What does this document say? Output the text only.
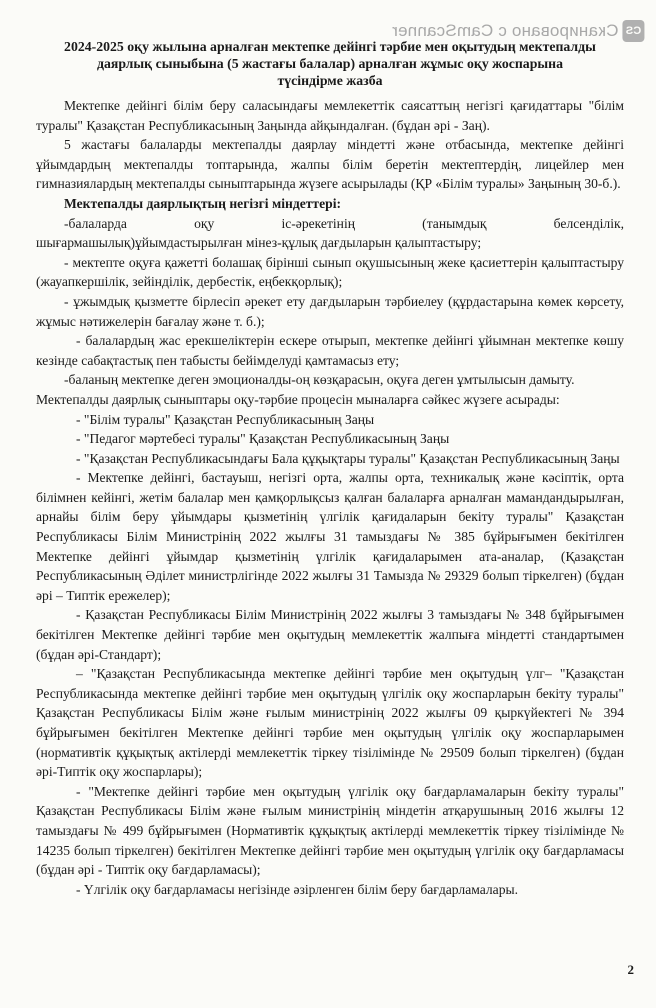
CS
Сканировано с CamScanner
2024-2025 оқу жылына арналған мектепке дейінгі тәрбие мен оқытудың мектепалды
даярлық сыныбына (5 жастағы балалар) арналған жұмыс оқу жоспарына
түсіндірме жазба

Мектепке дейінгі білім беру саласындағы мемлекеттік саясаттың негізгі қағидаттары "білім туралы" Қазақстан Республикасының Заңында айқындалған. (бұдан әрі - Заң).

5 жастағы балаларды мектепалды даярлау міндетті және отбасында, мектепке дейінгі ұйымдардың мектепалды топтарында, жалпы білім беретін мектептердің, лицейлер мен гимназиялардың мектепалды сыныптарында жүзеге асырылады (ҚР «Білім туралы» Заңының 30-б.).

Мектепалды даярлықтың негізгі міндеттері:

-балаларда оқу іс-әрекетінің (танымдық белсенділік,

шығармашылық)ұйымдастырылған мінез-құлық дағдыларын қалыптастыру;

- мектепте оқуға қажетті болашақ бірінші сынып оқушысының жеке қасиеттерін қалыптастыру (жауапкершілік, зейінділік, дербестік, еңбекқорлық);

- ұжымдық қызметте бірлесіп әрекет ету дағдыларын тәрбиелеу (құрдастарына көмек көрсету, жұмыс нәтижелерін бағалау және т. б.);

- балалардың жас ерекшеліктерін ескере отырып, мектепке дейінгі ұйымнан мектепке көшу кезінде сабақтастық пен табысты бейімделуді қамтамасыз ету;

-баланың мектепке деген эмоционалды-оң көзқарасын, оқуға деген ұмтылысын дамыту.

Мектепалды даярлық сыныптары оқу-тәрбие процесін мыналарға сәйкес жүзеге асырады:

- "Білім туралы" Қазақстан Республикасының Заңы

- "Педагог мәртебесі туралы" Қазақстан Республикасының Заңы

- "Қазақстан Республикасындағы Бала құқықтары туралы" Қазақстан Республикасының Заңы

- Мектепке дейінгі, бастауыш, негізгі орта, жалпы орта, техникалық және кәсіптік, орта білімнен кейінгі, жетім балалар мен қамқорлықсыз қалған балаларға арналған мамандандырылған, арнайы білім беру ұйымдары қызметінің үлгілік қағидаларын бекіту туралы" Қазақстан Республикасы Білім Министрінің 2022 жылғы 31 тамыздағы № 385 бұйрығымен бекітілген Мектепке дейінгі ұйымдар қызметінің үлгілік қағидаларымен ата-аналар, (Қазақстан Республикасының Әділет министрлігінде 2022 жылғы 31 Тамызда № 29329 болып тіркелген) (бұдан әрі – Типтік ережелер);

- Қазақстан Республикасы Білім Министрінің 2022 жылғы 3 тамыздағы № 348 бұйрығымен бекітілген Мектепке дейінгі тәрбие мен оқытудың мемлекеттік жалпыға міндетті стандартымен (бұдан әрі-Стандарт);

– "Қазақстан Республикасында мектепке дейінгі тәрбие мен оқытудың үлг– "Қазақстан Республикасында мектепке дейінгі тәрбие мен оқытудың үлгілік оқу жоспарларын бекіту туралы" Қазақстан Республикасы Білім және ғылым министрінің 2022 жылғы 09 қыркүйектегі № 394 бұйрығымен бекітілген Мектепке дейінгі тәрбие мен оқытудың үлгілік оқу жоспарларымен (нормативтік құқықтық актілерді мемлекеттік тіркеу тізілімінде № 29509 болып тіркелген) (бұдан әрі-Типтік оқу жоспарлары);

- "Мектепке дейінгі тәрбие мен оқытудың үлгілік оқу бағдарламаларын бекіту туралы" Қазақстан Республикасы Білім және ғылым министрінің міндетін атқарушының 2016 жылғы 12 тамыздағы № 499 бұйрығымен (Нормативтік құқықтық актілерді мемлекеттік тіркеу тізілімінде № 14235 болып тіркелген) бекітілген Мектепке дейінгі тәрбие мен оқытудың үлгілік оқу бағдарламасы (бұдан әрі - Типтік оқу бағдарламасы);

- Үлгілік оқу бағдарламасы негізінде әзірленген білім беру бағдарламалары.

2
